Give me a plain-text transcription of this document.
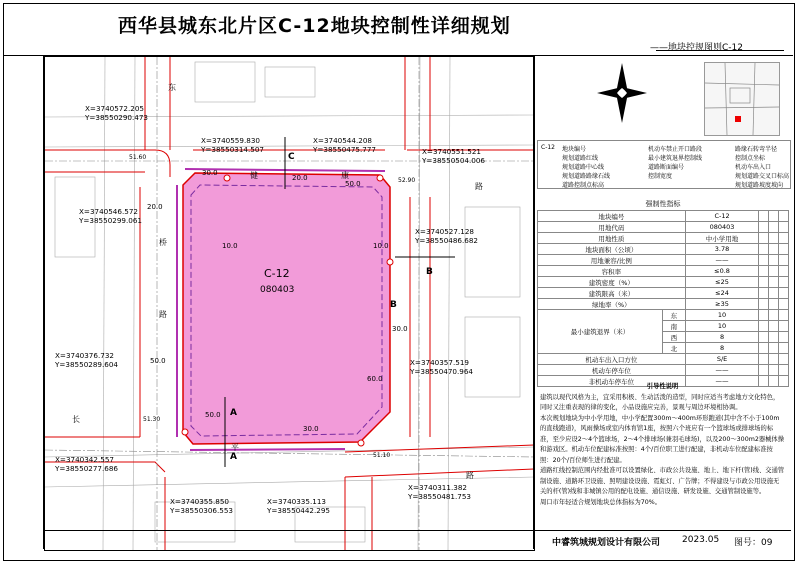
西华县城东北片区C-12地块控制性详细规划
——地块控规图则C-12
C-12
080403
健	康
路
东
桥
路
长
平
路
30.0
20.0
50.0
20.0
50.0
30.0
60.0
50.0
30.0
10.0	10.0
51.60
52.90
51.30
51.10
C
B
A
A
B
X=3740572.205
Y=38550290.473
X=3740559.830
Y=38550314.507
X=3740544.208
Y=38550475.777	X=3740551.521
Y=38550504.006
X=3740546.572
Y=38550299.061
X=3740527.128
Y=38550486.682
X=3740376.732
Y=38550289.604	X=3740357.519
Y=38550470.964
X=3740342.557
Y=38550277.686
X=3740355.850
Y=38550306.553
X=3740335.113
Y=38550442.295
X=3740311.382
Y=38550481.753
C-12 地块编号
规划道路红线
规划道路中心线
规划道路路缘石线
道路控制点标高
机动车禁止开口路段
最小建筑退界控制线
道路断面编号
控制宽度
路缘石转弯半径
控制点坐标
机动车出入口
规划道路交叉口标高
规划道路坡度坡向
强制性指标
地块编号		C-12			
用地代码		080403			
用地性质		中小学用地			
地块面积（公顷）		3.78			
用地兼容/比例		——			
容积率		≤0.8			
建筑密度（%）		≤25			
建筑限高（米）		≤24			
绿地率（%）		≥35			
最小建筑退界（米）	东	10			
	南	10			
	西	8			
	北	8			
机动车出入口方位		S/E			
机动车停车位		——			
非机动车停车位		——			
引导性说明
建筑以现代风格为主，宜采用积极、生动活泼的造型，同时应适当考虑地方文化特色，同时又注重表现的律的变化，小品设施应完善，景观与周边环境相协调。
本次规划地块为中小学用地，中小学配置300m～400m环形跑道(其中含不小于100m的直线跑道)，风雨操场或室内体育馆1座，按照六个班应有一个篮球场或排球场的标准，至少应设2～4个篮球场，2～4个排球场(兼羽毛球场)，以及200～300m2器械体操和游戏区。机动车位配建标准按照：4个/百位职工进行配建，非机动车位配建标准按照：20个/百位师生进行配建。
道路红线控制范围内经批准可以设置绿化、市政公共设施、地上、地下杆(管)线、交通管制设施、道路环卫设施、照明建设设施、霓虹灯、广告牌；不得建设与市政公用设施无关的杆(管)线和非城镇公用的配电设施、通信设施、研发设施、交通管制设施等。
周口市年轻适合规划地块总体指标为70%。
中睿筑城规划设计有限公司 2023.05 图号：09
